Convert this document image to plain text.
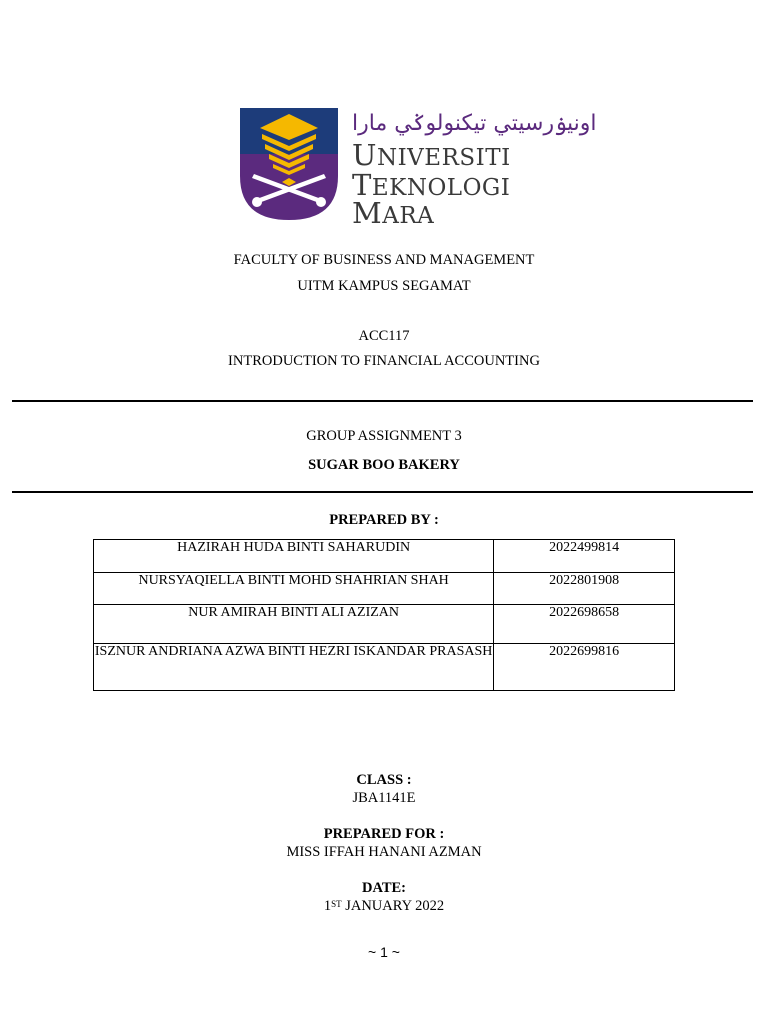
اونيۏرسيتي تيکنولوݢي مارا
UNIVERSITI
TEKNOLOGI
MARA
FACULTY OF BUSINESS AND MANAGEMENT
UITM KAMPUS SEGAMAT
ACC117
INTRODUCTION TO FINANCIAL ACCOUNTING
GROUP ASSIGNMENT 3
SUGAR BOO BAKERY
PREPARED BY :
HAZIRAH HUDA BINTI SAHARUDIN	2022499814
NURSYAQIELLA BINTI MOHD SHAHRIAN SHAH	2022801908
NUR AMIRAH BINTI ALI AZIZAN	2022698658
ISZNUR ANDRIANA AZWA BINTI HEZRI ISKANDAR PRASASH	2022699816
CLASS :
JBA1141E
PREPARED FOR :
MISS IFFAH HANANI AZMAN
DATE:
1ST JANUARY 2022
~ 1 ~
